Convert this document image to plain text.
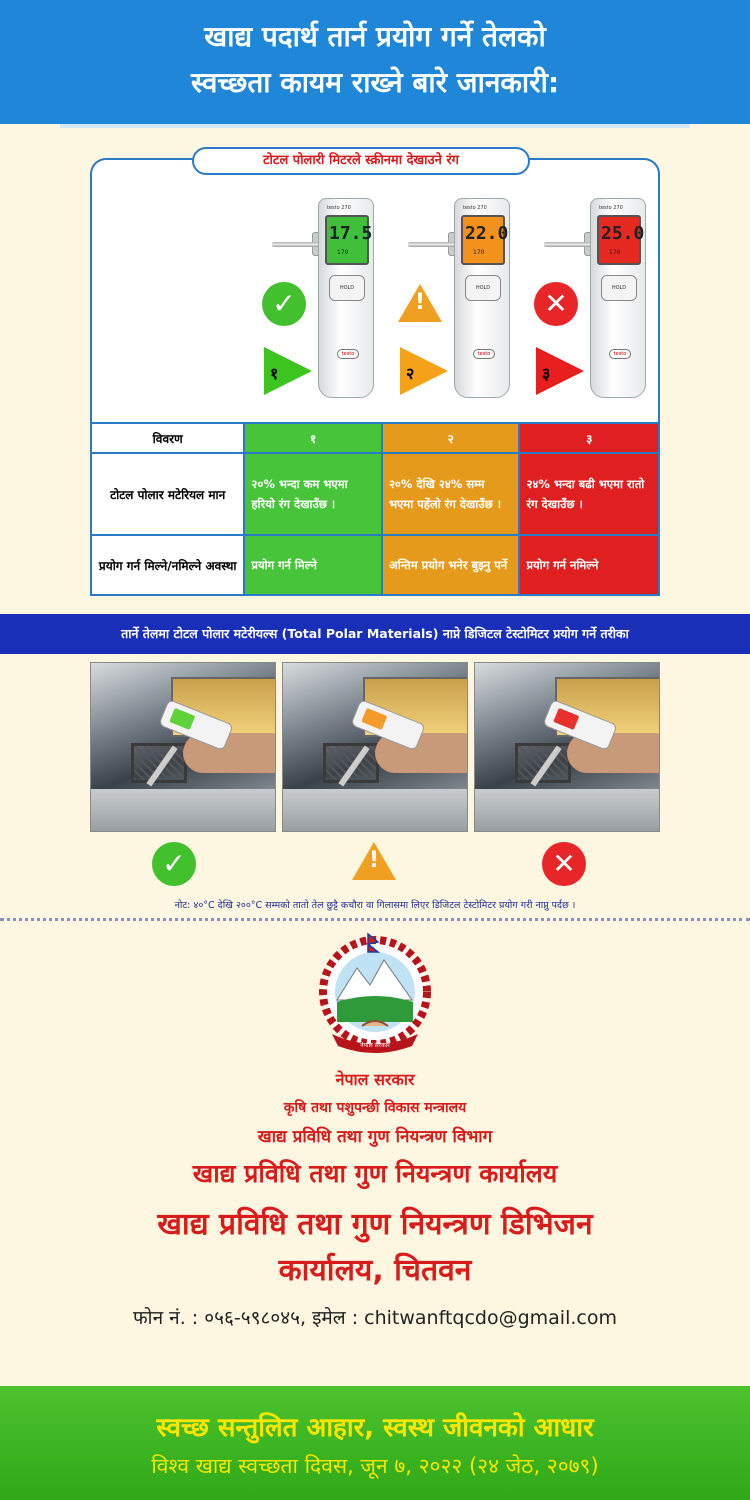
खाद्य पदार्थ तार्न प्रयोग गर्ने तेलको
स्वच्छता कायम राख्ने बारे जानकारी:
टोटल पोलारी मिटरले स्क्रीनमा देखाउने रंग
testo 270
17.5
170
HOLD
testo
testo 270
22.0
170
HOLD
testo
testo 270
25.0
170
HOLD
testo
✓	!	✕
१	२	३
विवरण	१	२	३
टोटल पोलार मटेरियल मान	२०% भन्दा कम भएमा हरियो रंग देखाउँछ ।	२०% देखि २४% सम्म भएमा पहेंलो रंग देखाउँछ ।	२४% भन्दा बढी भएमा रातो रंग देखाउँछ ।
प्रयोग गर्न मिल्ने/नमिल्ने अवस्था	प्रयोग गर्न मिल्ने	अन्तिम प्रयोग भनेर बुझ्नु पर्ने	प्रयोग गर्न नमिल्ने
तार्ने तेलमा टोटल पोलार मटेरीयल्स (Total Polar Materials) नाप्ने डिजिटल टेस्टोमिटर प्रयोग गर्ने तरीका
✓	!	✕
नोट: ४०°C देखि २००°C सम्मको तातो तेल छुट्टै कचौरा वा गिलासमा लिएर डिजिटल टेस्टोमिटर प्रयोग गरी नाप्नु पर्दछ ।
नेपाल सरकार
नेपाल सरकार
कृषि तथा पशुपन्छी विकास मन्त्रालय
खाद्य प्रविधि तथा गुण नियन्त्रण विभाग
खाद्य प्रविधि तथा गुण नियन्त्रण कार्यालय
खाद्य प्रविधि तथा गुण नियन्त्रण डिभिजन
कार्यालय, चितवन
फोन नं. : ०५६-५९८०४५, इमेल : chitwanftqcdo@gmail.com
स्वच्छ सन्तुलित आहार, स्वस्थ जीवनको आधार
विश्व खाद्य स्वच्छता दिवस, जून ७, २०२२ (२४ जेठ, २०७९)
